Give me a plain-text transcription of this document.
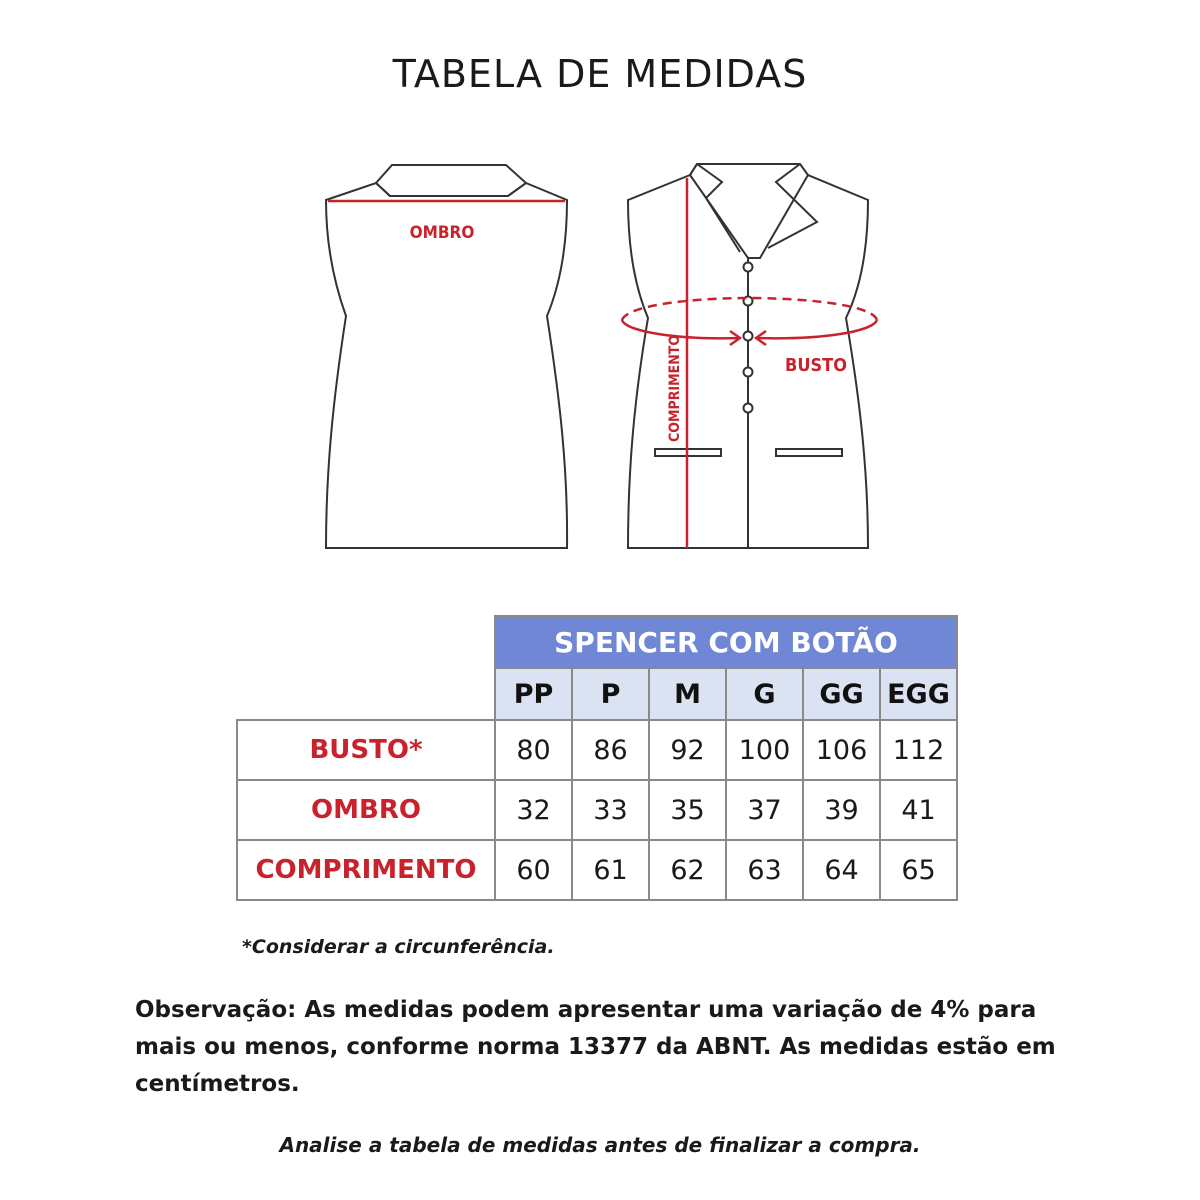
TABELA DE MEDIDAS
OMBRO
COMPRIMENTO	BUSTO
	SPENCER COM BOTÃO					
	PP	P	M	G	GG	EGG
BUSTO*	80	86	92	100	106	112
OMBRO	32	33	35	37	39	41
COMPRIMENTO	60	61	62	63	64	65
*Considerar a circunferência.
Observação: As medidas podem apresentar uma variação de 4% para mais ou menos, conforme norma 13377 da ABNT. As medidas estão em centímetros.
Analise a tabela de medidas antes de finalizar a compra.
